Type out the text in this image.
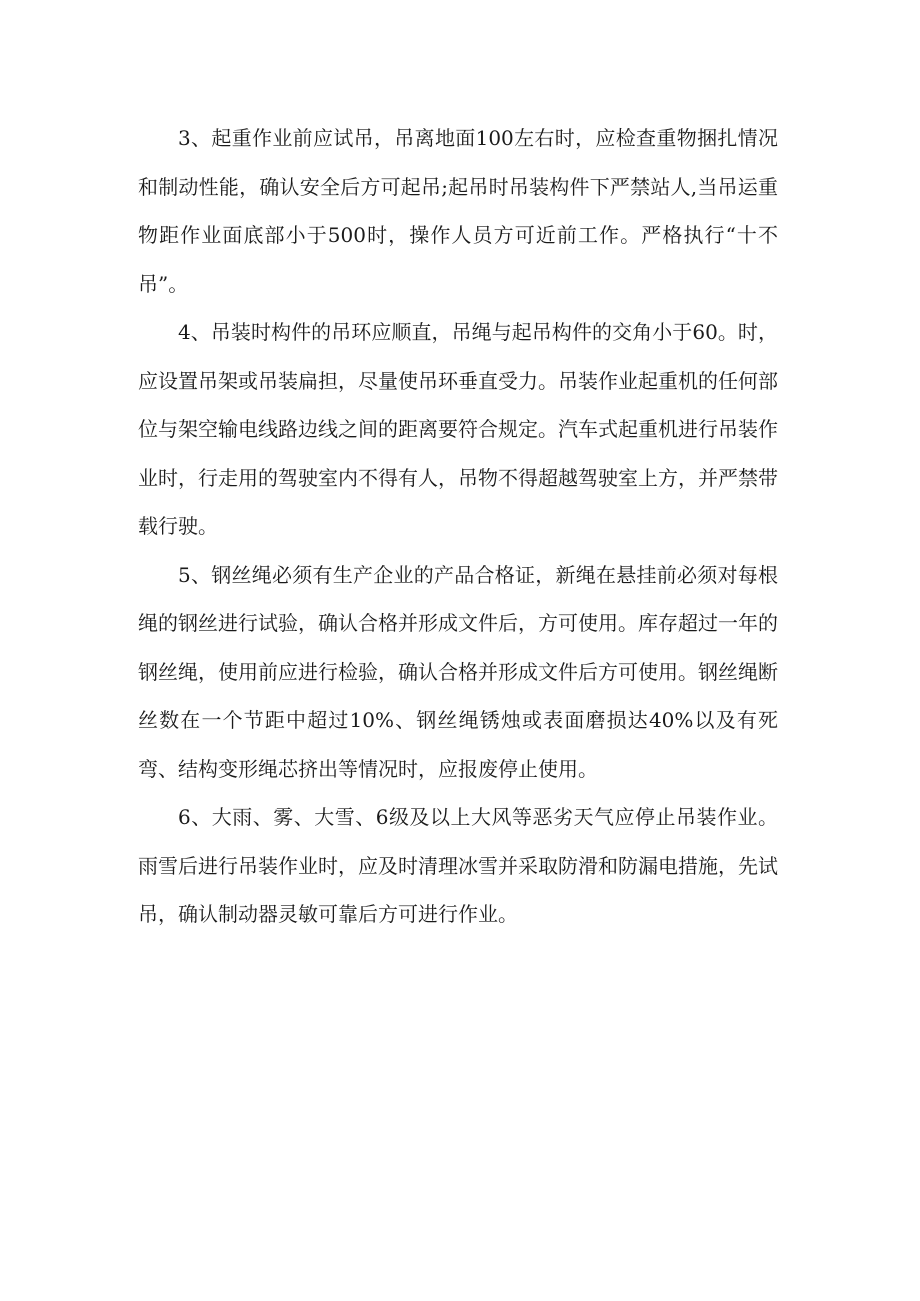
3、起重作业前应试吊，吊离地面100左右时，应检查重物捆扎情况和制动性能，确认安全后方可起吊;起吊时吊装构件下严禁站人,当吊运重物距作业面底部小于500时，操作人员方可近前工作。严格执行“十不吊”。

4、吊装时构件的吊环应顺直，吊绳与起吊构件的交角小于60。时，应设置吊架或吊装扁担，尽量使吊环垂直受力。吊装作业起重机的任何部位与架空输电线路边线之间的距离要符合规定。汽车式起重机进行吊装作业时，行走用的驾驶室内不得有人，吊物不得超越驾驶室上方，并严禁带载行驶。

5、钢丝绳必须有生产企业的产品合格证，新绳在悬挂前必须对每根绳的钢丝进行试验，确认合格并形成文件后，方可使用。库存超过一年的钢丝绳，使用前应进行检验，确认合格并形成文件后方可使用。钢丝绳断丝数在一个节距中超过10%、钢丝绳锈烛或表面磨损达40%以及有死弯、结构变形绳芯挤出等情况时，应报废停止使用。

6、大雨、雾、大雪、6级及以上大风等恶劣天气应停止吊装作业。雨雪后进行吊装作业时，应及时清理冰雪并采取防滑和防漏电措施，先试吊，确认制动器灵敏可靠后方可进行作业。
